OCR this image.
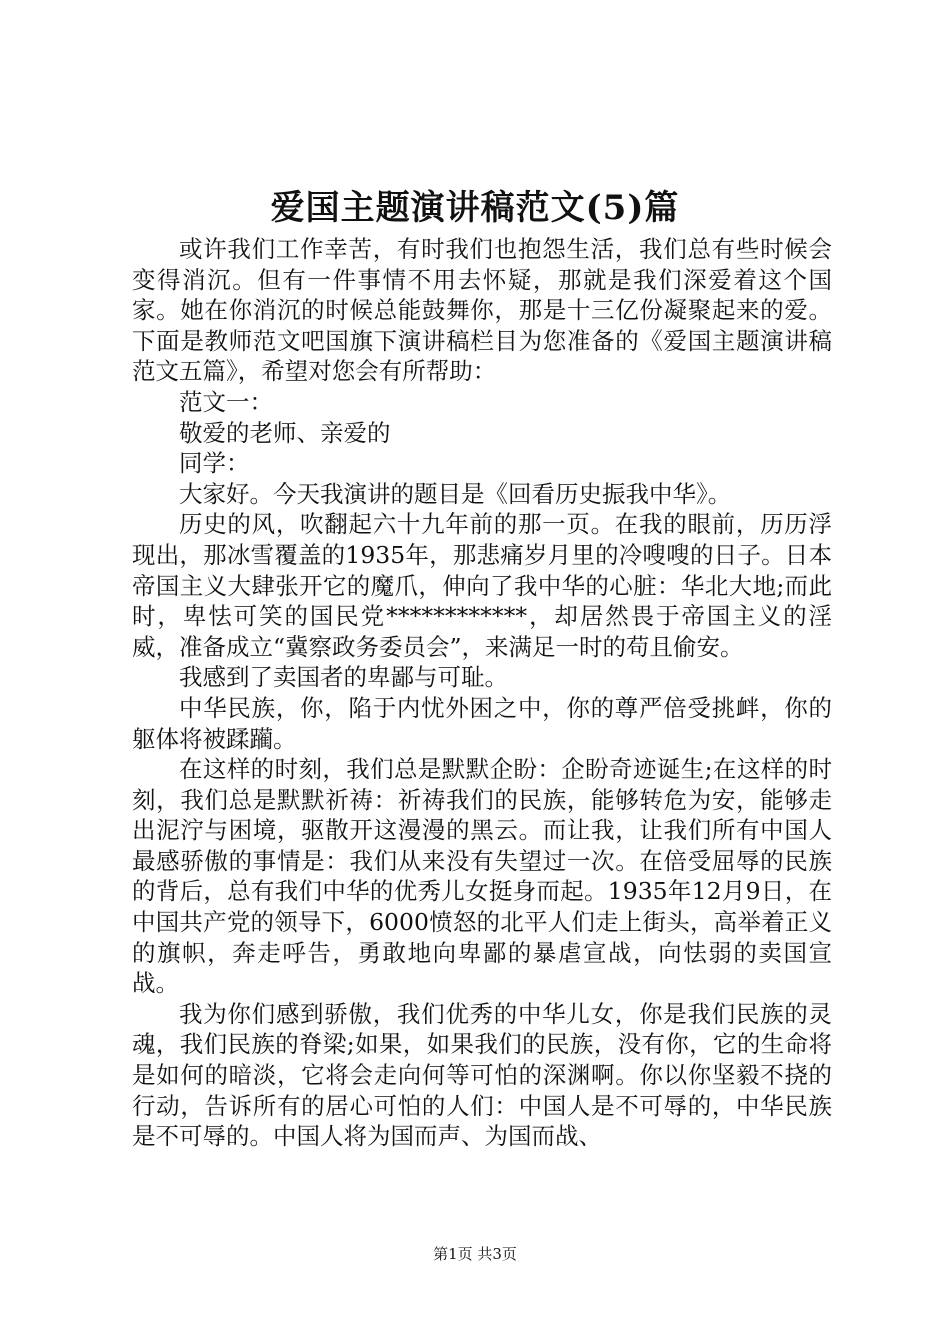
爱国主题演讲稿范文(5)篇

或许我们工作幸苦，有时我们也抱怨生活，我们总有些时候会变得消沉。但有一件事情不用去怀疑，那就是我们深爱着这个国家。她在你消沉的时候总能鼓舞你，那是十三亿份凝聚起来的爱。下面是教师范文吧国旗下演讲稿栏目为您准备的《爱国主题演讲稿范文五篇》，希望对您会有所帮助：

范文一：

敬爱的老师、亲爱的

同学：

大家好。今天我演讲的题目是《回看历史振我中华》。

历史的风，吹翻起六十九年前的那一页。在我的眼前，历历浮现出，那冰雪覆盖的1935年，那悲痛岁月里的冷嗖嗖的日子。日本帝国主义大肆张开它的魔爪，伸向了我中华的心脏：华北大地;而此时，卑怯可笑的国民党************，却居然畏于帝国主义的淫威，准备成立“冀察政务委员会”，来满足一时的苟且偷安。

我感到了卖国者的卑鄙与可耻。

中华民族，你，陷于内忧外困之中，你的尊严倍受挑衅，你的躯体将被蹂躏。

在这样的时刻，我们总是默默企盼：企盼奇迹诞生;在这样的时刻，我们总是默默祈祷：祈祷我们的民族，能够转危为安，能够走出泥泞与困境，驱散开这漫漫的黑云。而让我，让我们所有中国人最感骄傲的事情是：我们从来没有失望过一次。在倍受屈辱的民族的背后，总有我们中华的优秀儿女挺身而起。1935年12月9日，在中国共产党的领导下，6000愤怒的北平人们走上街头，高举着正义的旗帜，奔走呼告，勇敢地向卑鄙的暴虐宣战，向怯弱的卖国宣战。

我为你们感到骄傲，我们优秀的中华儿女，你是我们民族的灵魂，我们民族的脊梁;如果，如果我们的民族，没有你，它的生命将是如何的暗淡，它将会走向何等可怕的深渊啊。你以你坚毅不挠的行动，告诉所有的居心可怕的人们：中国人是不可辱的，中华民族是不可辱的。中国人将为国而声、为国而战、

第1页 共3页
